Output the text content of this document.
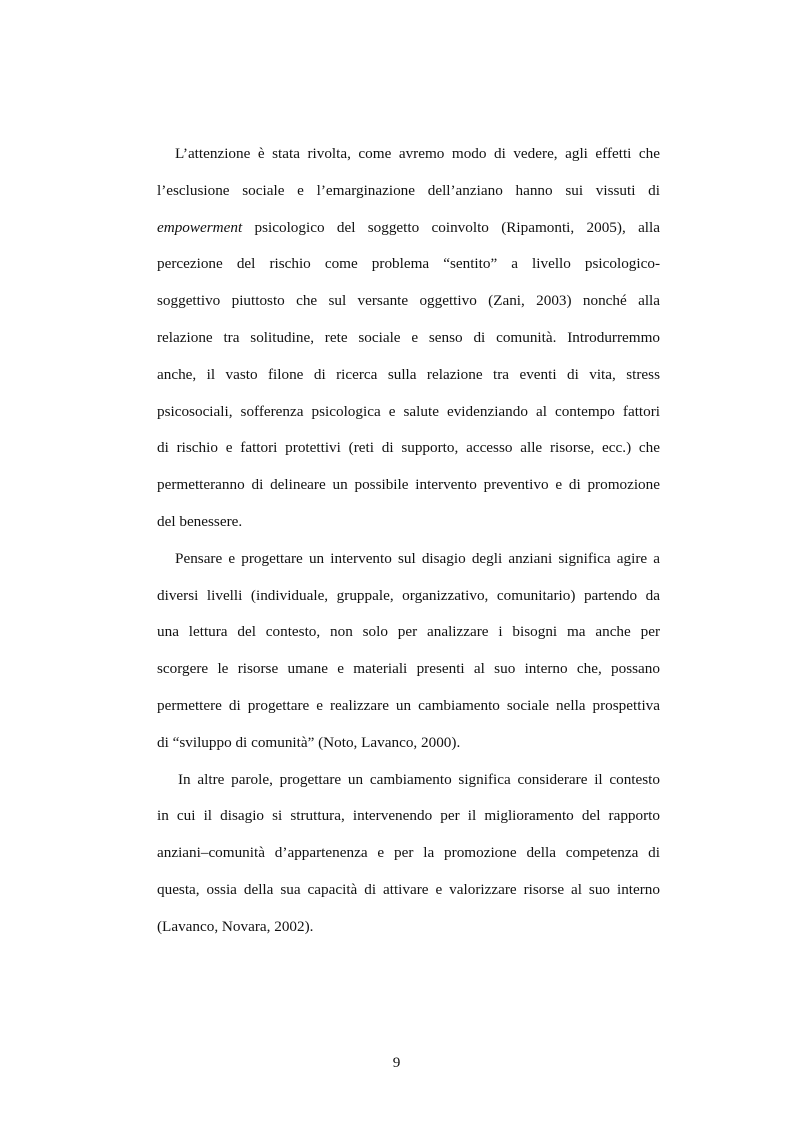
L’attenzione è stata rivolta, come avremo modo di vedere, agli effetti che
l’esclusione sociale e l’emarginazione dell’anziano hanno sui vissuti di
empowerment psicologico del soggetto coinvolto (Ripamonti, 2005), alla
percezione del rischio come problema “sentito” a livello psicologico-
soggettivo piuttosto che sul versante oggettivo (Zani, 2003) nonché alla
relazione tra solitudine, rete sociale e senso di comunità. Introdurremmo
anche, il vasto filone di ricerca sulla relazione tra eventi di vita, stress
psicosociali, sofferenza psicologica e salute evidenziando al contempo fattori
di rischio e fattori protettivi (reti di supporto, accesso alle risorse, ecc.) che
permetteranno di delineare un possibile intervento preventivo e di promozione
del benessere.
Pensare e progettare un intervento sul disagio degli anziani significa agire a
diversi livelli (individuale, gruppale, organizzativo, comunitario) partendo da
una lettura del contesto, non solo per analizzare i bisogni ma anche per
scorgere le risorse umane e materiali presenti al suo interno che, possano
permettere di progettare e realizzare un cambiamento sociale nella prospettiva
di “sviluppo di comunità” (Noto, Lavanco, 2000).
In altre parole, progettare un cambiamento significa considerare il contesto
in cui il disagio si struttura, intervenendo per il miglioramento del rapporto
anziani–comunità d’appartenenza e per la promozione della competenza di
questa, ossia della sua capacità di attivare e valorizzare risorse al suo interno
(Lavanco, Novara, 2002).
9
